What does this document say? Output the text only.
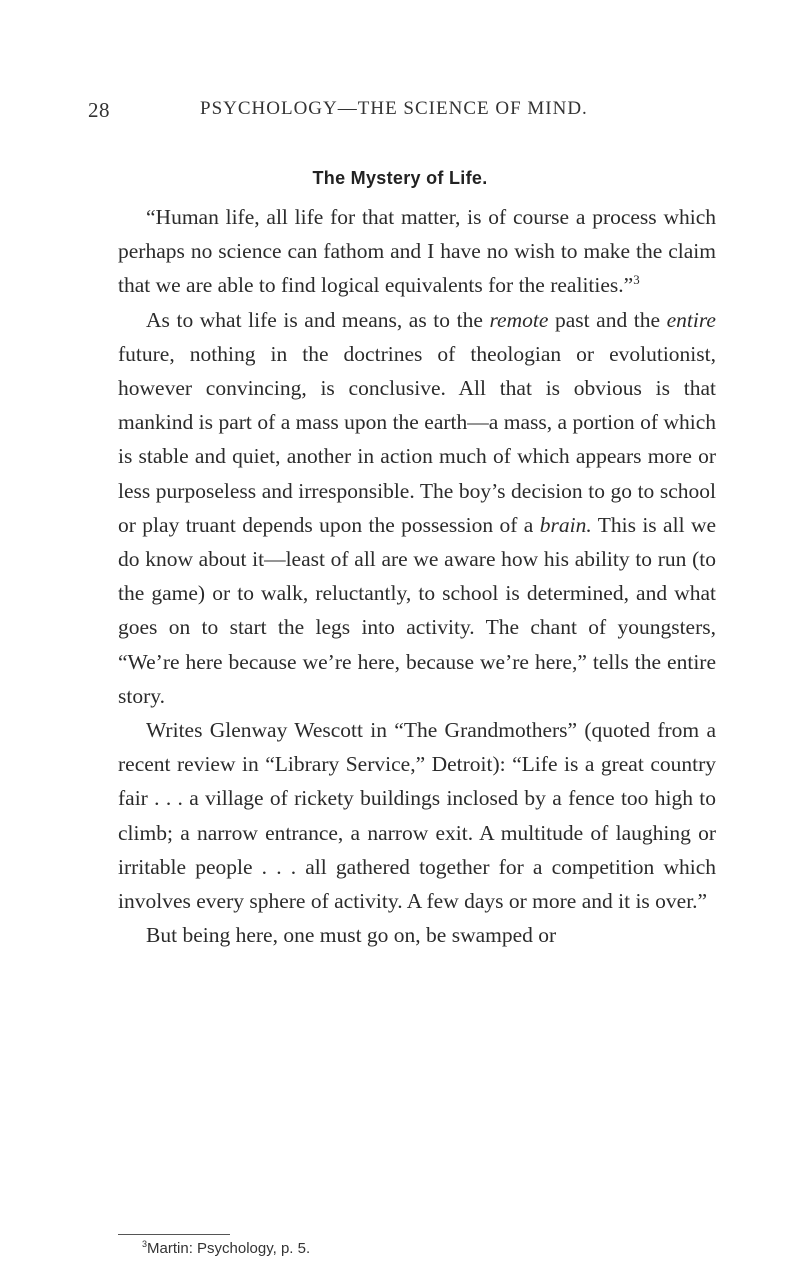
28	PSYCHOLOGY—THE SCIENCE OF MIND.
The Mystery of Life.

“Human life, all life for that matter, is of course a process which perhaps no science can fathom and I have no wish to make the claim that we are able to find logical equivalents for the realities.”$^3$

As to what life is and means, as to the remote past and the entire future, nothing in the doctrines of theologian or evolutionist, however convincing, is conclusive. All that is obvious is that mankind is part of a mass upon the earth—a mass, a portion of which is stable and quiet, another in action much of which appears more or less purposeless and irresponsible. The boy’s decision to go to school or play truant depends upon the possession of a brain. This is all we do know about it—least of all are we aware how his ability to run (to the game) or to walk, reluctantly, to school is determined, and what goes on to start the legs into activity. The chant of youngsters, “We’re here because we’re here, because we’re here,” tells the entire story.

Writes Glenway Wescott in “The Grandmothers” (quoted from a recent review in “Library Service,” Detroit): “Life is a great country fair . . . a village of rickety buildings inclosed by a fence too high to climb; a narrow entrance, a narrow exit. A multitude of laughing or irritable people . . . all gathered together for a competition which involves every sphere of activity. A few days or more and it is over.”

But being here, one must go on, be swamped or

$^3$Martin: Psychology, p. 5.
